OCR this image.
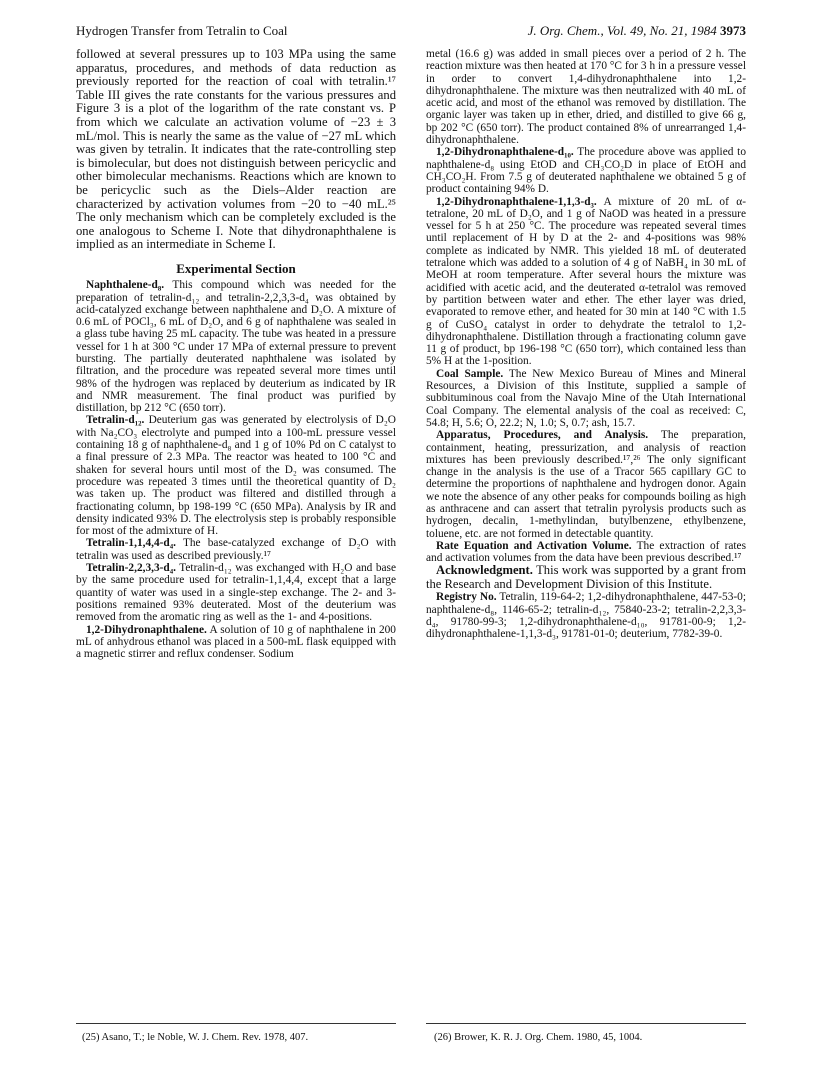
Hydrogen Transfer from Tetralin to Coal	J. Org. Chem., Vol. 49, No. 21, 1984 3973

followed at several pressures up to 103 MPa using the same apparatus, procedures, and methods of data reduction as previously reported for the reaction of coal with tetralin.¹⁷ Table III gives the rate constants for the various pressures and Figure 3 is a plot of the logarithm of the rate constant vs. P from which we calculate an activation volume of −23 ± 3 mL/mol. This is nearly the same as the value of −27 mL which was given by tetralin. It indicates that the rate-controlling step is bimolecular, but does not distinguish between pericyclic and other bimolecular mechanisms. Reactions which are known to be pericyclic such as the Diels–Alder reaction are characterized by activation volumes from −20 to −40 mL.²⁵ The only mechanism which can be completely excluded is the one analogous to Scheme I. Note that dihydronaphthalene is implied as an intermediate in Scheme I.

Experimental Section

Naphthalene-d₈. This compound which was needed for the preparation of tetralin-d₁₂ and tetralin-2,2,3,3-d₄ was obtained by acid-catalyzed exchange between naphthalene and D₂O. A mixture of 0.6 mL of POCl₃, 6 mL of D₂O, and 6 g of naphthalene was sealed in a glass tube having 25 mL capacity. The tube was heated in a pressure vessel for 1 h at 300 °C under 17 MPa of external pressure to prevent bursting. The partially deuterated naphthalene was isolated by filtration, and the procedure was repeated several more times until 98% of the hydrogen was replaced by deuterium as indicated by IR and NMR measurement. The final product was purified by distillation, bp 212 °C (650 torr).

Tetralin-d₁₂. Deuterium gas was generated by electrolysis of D₂O with Na₂CO₃ electrolyte and pumped into a 100-mL pressure vessel containing 18 g of naphthalene-d₈ and 1 g of 10% Pd on C catalyst to a final pressure of 2.3 MPa. The reactor was heated to 100 °C and shaken for several hours until most of the D₂ was consumed. The procedure was repeated 3 times until the theoretical quantity of D₂ was taken up. The product was filtered and distilled through a fractionating column, bp 198-199 °C (650 MPa). Analysis by IR and density indicated 93% D. The electrolysis step is probably responsible for most of the admixture of H.

Tetralin-1,1,4,4-d₄. The base-catalyzed exchange of D₂O with tetralin was used as described previously.¹⁷

Tetralin-2,2,3,3-d₄. Tetralin-d₁₂ was exchanged with H₂O and base by the same procedure used for tetralin-1,1,4,4, except that a large quantity of water was used in a single-step exchange. The 2- and 3-positions remained 93% deuterated. Most of the deuterium was removed from the aromatic ring as well as the 1- and 4-positions.

1,2-Dihydronaphthalene. A solution of 10 g of naphthalene in 200 mL of anhydrous ethanol was placed in a 500-mL flask equipped with a magnetic stirrer and reflux condenser. Sodium

metal (16.6 g) was added in small pieces over a period of 2 h. The reaction mixture was then heated at 170 °C for 3 h in a pressure vessel in order to convert 1,4-dihydronaphthalene into 1,2-dihydronaphthalene. The mixture was then neutralized with 40 mL of acetic acid, and most of the ethanol was removed by distillation. The organic layer was taken up in ether, dried, and distilled to give 66 g, bp 202 °C (650 torr). The product contained 8% of unrearranged 1,4-dihydronaphthalene.

1,2-Dihydronaphthalene-d₁₀. The procedure above was applied to naphthalene-d₈ using EtOD and CH₃CO₂D in place of EtOH and CH₃CO₂H. From 7.5 g of deuterated naphthalene we obtained 5 g of product containing 94% D.

1,2-Dihydronaphthalene-1,1,3-d₃. A mixture of 20 mL of α-tetralone, 20 mL of D₂O, and 1 g of NaOD was heated in a pressure vessel for 5 h at 250 °C. The procedure was repeated several times until replacement of H by D at the 2- and 4-positions was 98% complete as indicated by NMR. This yielded 18 mL of deuterated tetralone which was added to a solution of 4 g of NaBH₄ in 30 mL of MeOH at room temperature. After several hours the mixture was acidified with acetic acid, and the deuterated α-tetralol was removed by partition between water and ether. The ether layer was dried, evaporated to remove ether, and heated for 30 min at 140 °C with 1.5 g of CuSO₄ catalyst in order to dehydrate the tetralol to 1,2-dihydronaphthalene. Distillation through a fractionating column gave 11 g of product, bp 196-198 °C (650 torr), which contained less than 5% H at the 1-position.

Coal Sample. The New Mexico Bureau of Mines and Mineral Resources, a Division of this Institute, supplied a sample of subbituminous coal from the Navajo Mine of the Utah International Coal Company. The elemental analysis of the coal as received: C, 54.8; H, 5.6; O, 22.2; N, 1.0; S, 0.7; ash, 15.7.

Apparatus, Procedures, and Analysis. The preparation, containment, heating, pressurization, and analysis of reaction mixtures has been previously described.¹⁷,²⁶ The only significant change in the analysis is the use of a Tracor 565 capillary GC to determine the proportions of naphthalene and hydrogen donor. Again we note the absence of any other peaks for compounds boiling as high as anthracene and can assert that tetralin pyrolysis products such as hydrogen, decalin, 1-methylindan, butylbenzene, ethylbenzene, toluene, etc. are not formed in detectable quantity.

Rate Equation and Activation Volume. The extraction of rates and activation volumes from the data have been previous described.¹⁷

Acknowledgment. This work was supported by a grant from the Research and Development Division of this Institute.

Registry No. Tetralin, 119-64-2; 1,2-dihydronaphthalene, 447-53-0; naphthalene-d₈, 1146-65-2; tetralin-d₁₂, 75840-23-2; tetralin-2,2,3,3-d₄, 91780-99-3; 1,2-dihydronaphthalene-d₁₀, 91781-00-9; 1,2-dihydronaphthalene-1,1,3-d₃, 91781-01-0; deuterium, 7782-39-0.

(25) Asano, T.; le Noble, W. J. Chem. Rev. 1978, 407.	(26) Brower, K. R. J. Org. Chem. 1980, 45, 1004.
